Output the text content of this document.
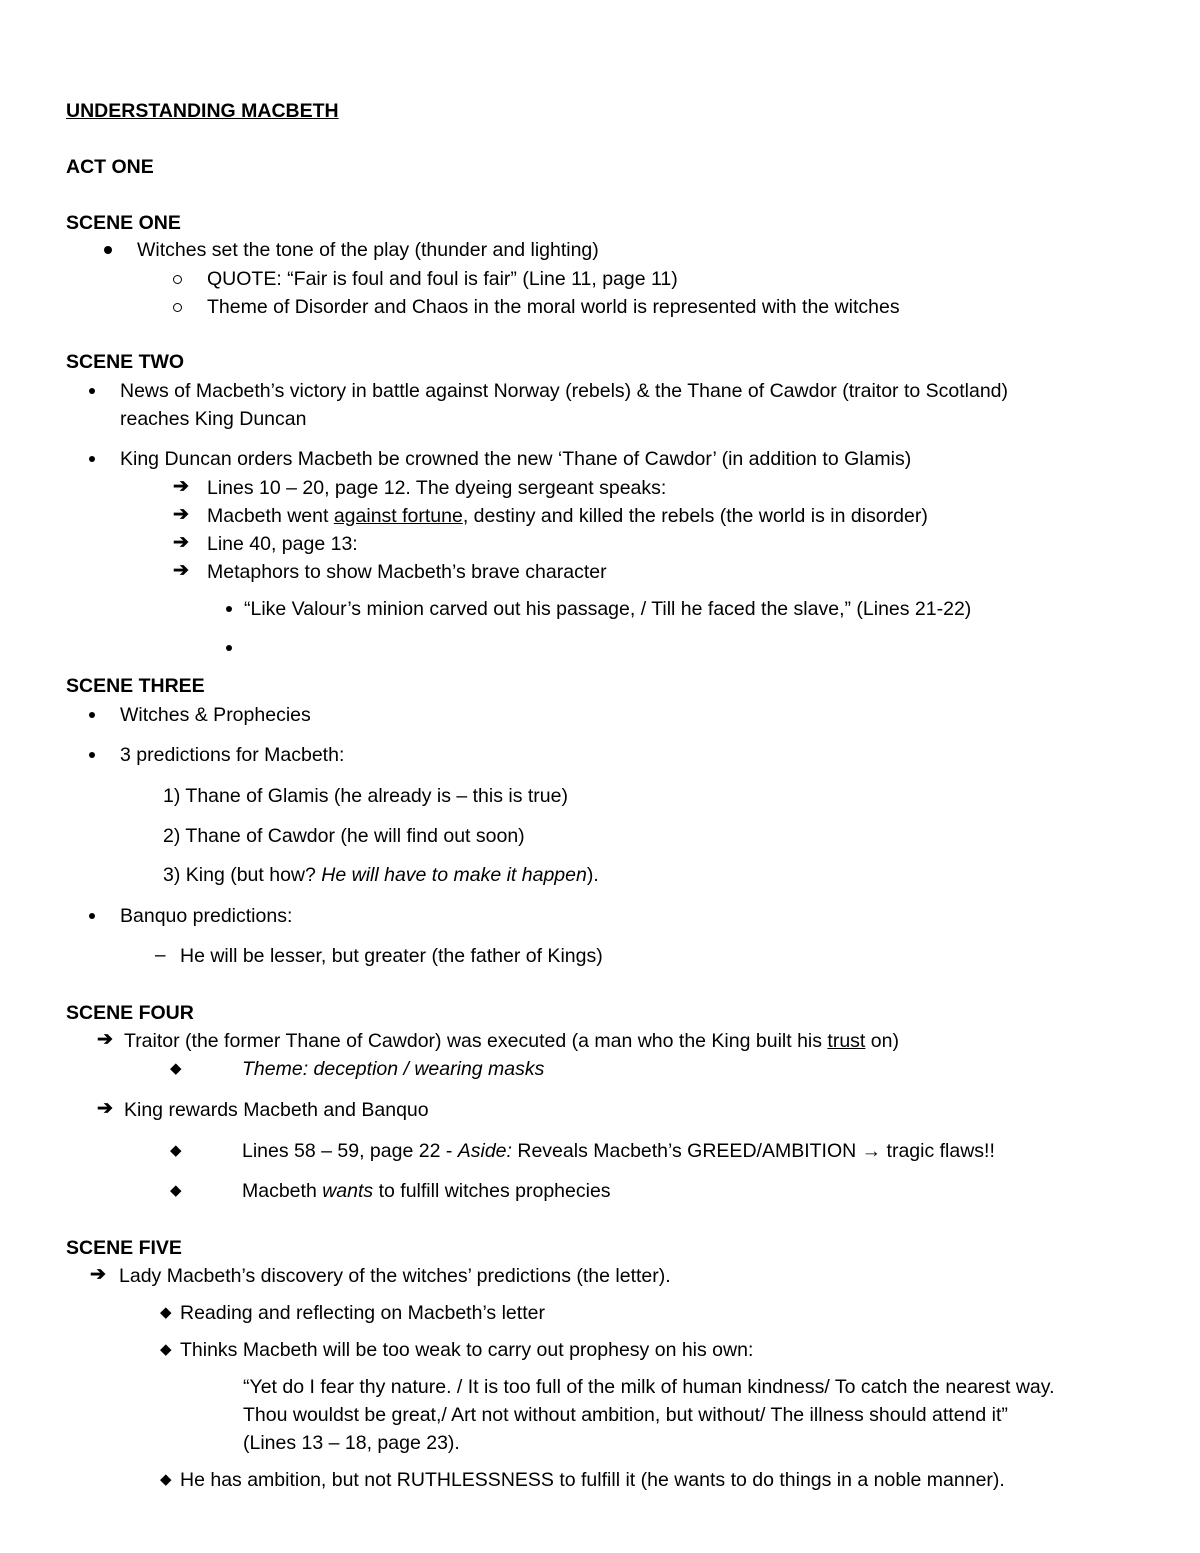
UNDERSTANDING MACBETH
ACT ONE
SCENE ONE
Witches set the tone of the play (thunder and lighting)
QUOTE: “Fair is foul and foul is fair” (Line 11, page 11)
Theme of Disorder and Chaos in the moral world is represented with the witches
SCENE TWO
News of Macbeth’s victory in battle against Norway (rebels) & the Thane of Cawdor (traitor to Scotland)
reaches King Duncan
King Duncan orders Macbeth be crowned the new ‘Thane of Cawdor’ (in addition to Glamis)
➔ Lines 10 – 20, page 12. The dyeing sergeant speaks:
➔ Macbeth went against fortune, destiny and killed the rebels (the world is in disorder)
➔ Line 40, page 13:
➔ Metaphors to show Macbeth’s brave character
“Like Valour’s minion carved out his passage, / Till he faced the slave,” (Lines 21-22)
SCENE THREE
Witches & Prophecies
3 predictions for Macbeth:
1) Thane of Glamis (he already is – this is true)
2) Thane of Cawdor (he will find out soon)
3) King (but how? He will have to make it happen).
Banquo predictions:
– He will be lesser, but greater (the father of Kings)
SCENE FOUR
➔ Traitor (the former Thane of Cawdor) was executed (a man who the King built his trust on)
◆	Theme: deception / wearing masks
➔ King rewards Macbeth and Banquo
◆	Lines 58 – 59, page 22 - Aside: Reveals Macbeth’s GREED/AMBITION → tragic flaws!!
◆	Macbeth wants to fulfill witches prophecies
SCENE FIVE
➔ Lady Macbeth’s discovery of the witches’ predictions (the letter).
◆ Reading and reflecting on Macbeth’s letter
◆ Thinks Macbeth will be too weak to carry out prophesy on his own:
“Yet do I fear thy nature. / It is too full of the milk of human kindness/ To catch the nearest way.
Thou wouldst be great,/ Art not without ambition, but without/ The illness should attend it”
(Lines 13 – 18, page 23).
◆ He has ambition, but not RUTHLESSNESS to fulfill it (he wants to do things in a noble manner).
